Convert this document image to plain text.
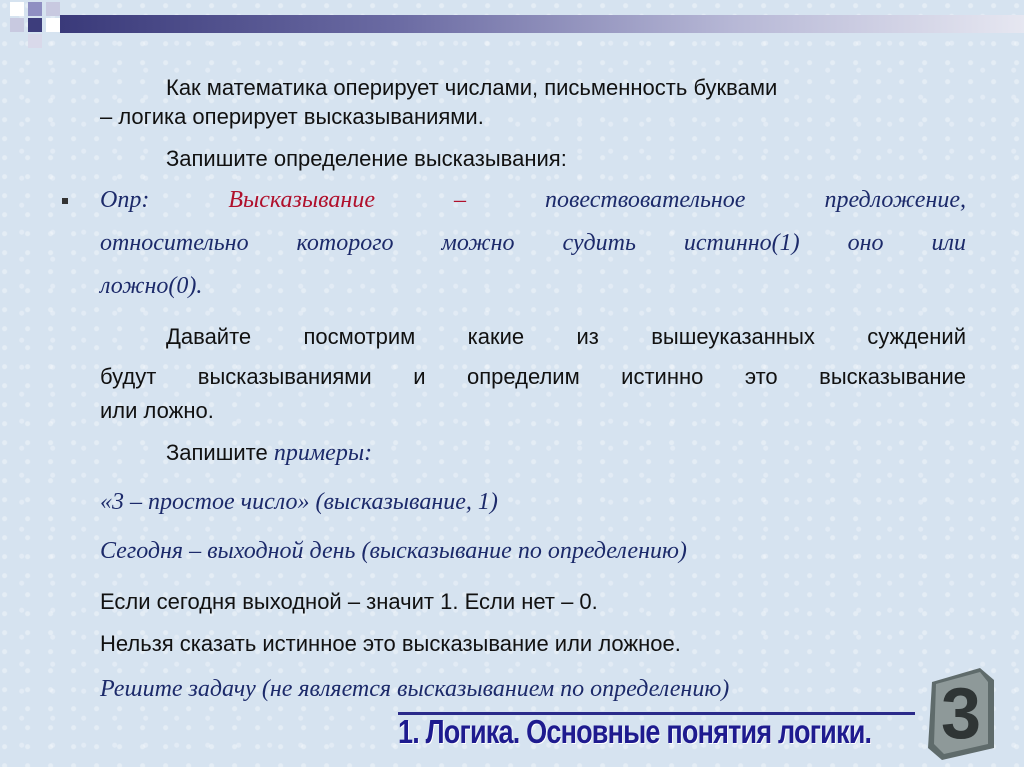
Как математика оперирует числами, письменность буквами
– логика оперирует высказываниями.
Запишите определение высказывания:
Опр:	Высказывание	–	повествовательное предложение,
относительно которого можно судить истинно(1) оно или
ложно(0).
Давайте посмотрим какие из вышеуказанных суждений
будут высказываниями и определим истинно это высказывание
или ложно.
Запишите примеры:
«3 – простое число» (высказывание, 1)
Сегодня – выходной день (высказывание по определению)
Если сегодня выходной – значит 1. Если нет – 0.
Нельзя сказать истинное это высказывание или ложное.
Решите задачу (не является высказыванием по определению)
1. Логика. Основные понятия логики. 3
